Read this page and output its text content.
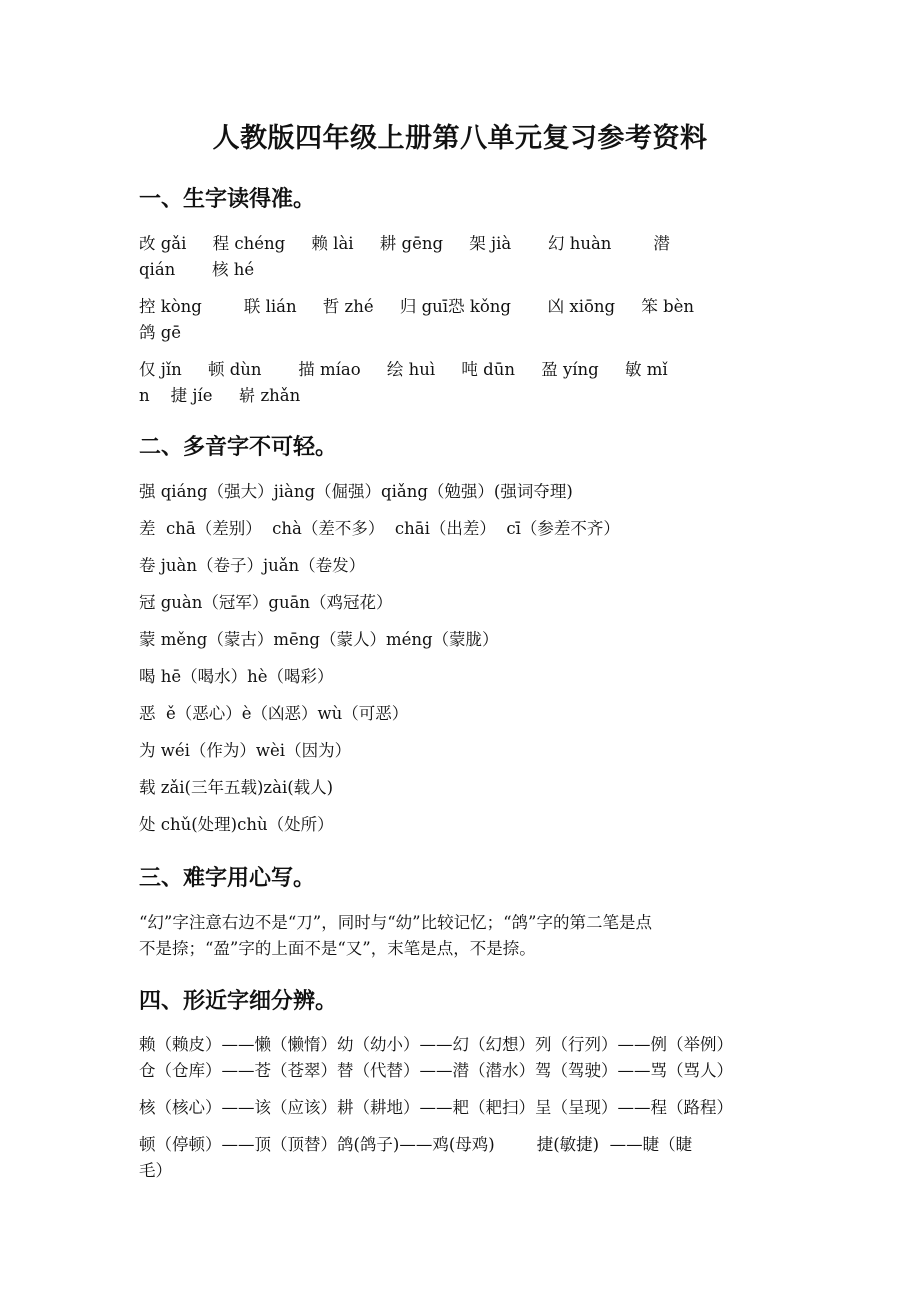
人教版四年级上册第八单元复习参考资料
一、生字读得准。
改 gǎi     程 chéng     赖 lài     耕 gēng     架 jià       幻 huàn        潜
qián       核 hé
控 kòng        联 lián     哲 zhé     归 guī恐 kǒng       凶 xiōng     笨 bèn
鸽 gē
仅 jǐn     顿 dùn       描 míao     绘 huì     吨 dūn     盈 yíng     敏 mǐ
n    捷 jíe     崭 zhǎn
二、多音字不可轻。
强 qiáng（强大）jiàng（倔强）qiǎng（勉强）(强词夺理)
差  chā（差别）  chà（差不多）  chāi（出差）  cī（参差不齐）
卷 juàn（卷子）juǎn（卷发）
冠 guàn（冠军）guān（鸡冠花）
蒙 měng（蒙古）mēng（蒙人）méng（蒙胧）
喝 hē（喝水）hè（喝彩）
恶  ě（恶心）è（凶恶）wù（可恶）
为 wéi（作为）wèi（因为）
载 zǎi(三年五载)zài(载人)
处 chǔ(处理)chù（处所）
三、难字用心写。
“幻”字注意右边不是“刀”，同时与“幼”比较记忆；“鸽”字的第二笔是点
不是捺；“盈”字的上面不是“又”，末笔是点，不是捺。
四、形近字细分辨。
赖（赖皮）——懒（懒惰）幼（幼小）——幻（幻想）列（行列）——例（举例）
仓（仓库）——苍（苍翠）替（代替）——潜（潜水）驾（驾驶）——骂（骂人）
核（核心）——该（应该）耕（耕地）——耙（耙扫）呈（呈现）——程（路程）
顿（停顿）——顶（顶替）鸽(鸽子)——鸡(母鸡)        捷(敏捷)  ——睫（睫
毛）
